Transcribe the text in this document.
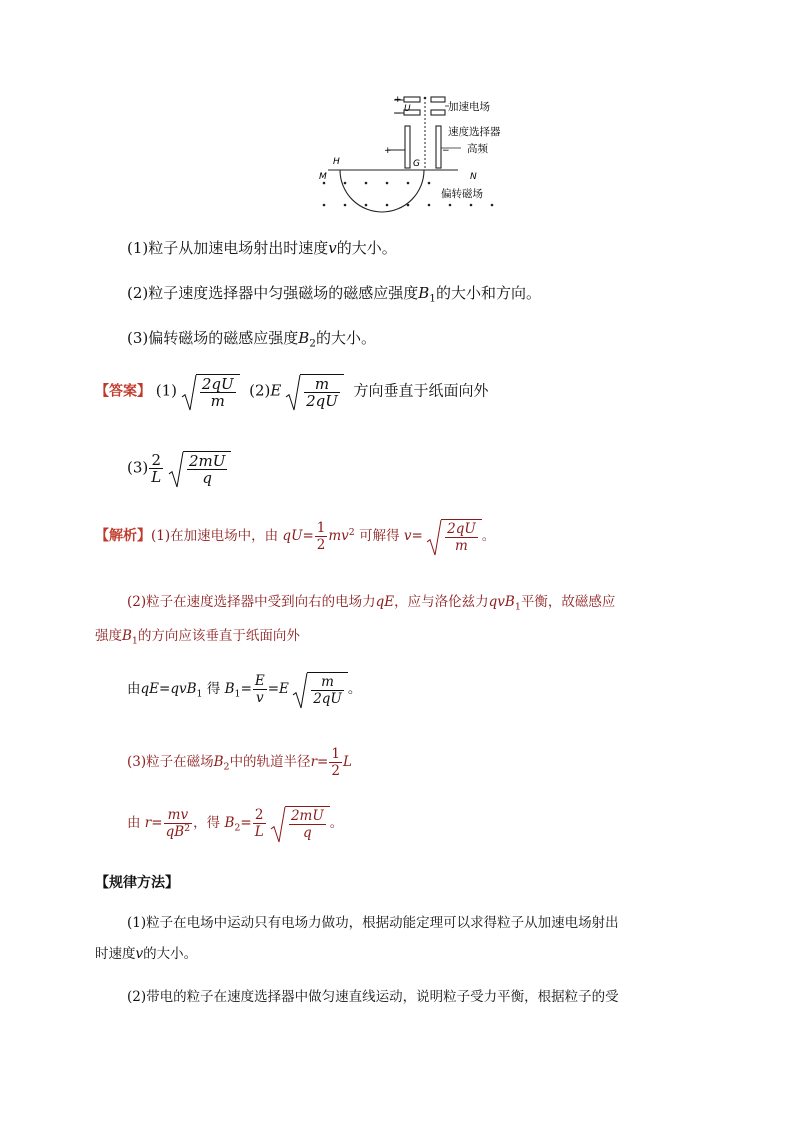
+
− U
+	−
加速电场
速度选择器
高频
H	G
M	N
偏转磁场
(1)粒子从加速电场射出时速度v的大小。
(2)粒子速度选择器中匀强磁场的磁感应强度$B_1$的大小和方向。
(3)偏转磁场的磁感应强度$B_2$的大小。
【答案】 $(1) \frac{2qU}{m} (2)E \frac{m}{2qU}$ 方向垂直于纸面向外
$(3) \frac{2}{L}$
$\frac{2mU}{q}$
【解析】(1)在加速电场中，由 $qU= \frac{1}{2} mv^2$ 可解得 $v= \frac{2qU}{m}$ 。
(2)粒子在速度选择器中受到向右的电场力qE，应与洛伦兹力qvB$_1$平衡，故磁感应
强度$B_1$的方向应该垂直于纸面向外
由qE=qvB$_1$ 得 $B_1= \frac{E}{v} =E \frac{m}{2qU}$ 。
(3)粒子在磁场$B_2$中的轨道半径$r= \frac{1}{2}$ L
由 $r= \frac{mv}{qB^2}$ ，得 $B_2= \frac{2}{L}$
$\frac{2mU}{q}$ 。
【规律方法】
(1)粒子在电场中运动只有电场力做功，根据动能定理可以求得粒子从加速电场射出
时速度v的大小。
(2)带电的粒子在速度选择器中做匀速直线运动，说明粒子受力平衡，根据粒子的受
